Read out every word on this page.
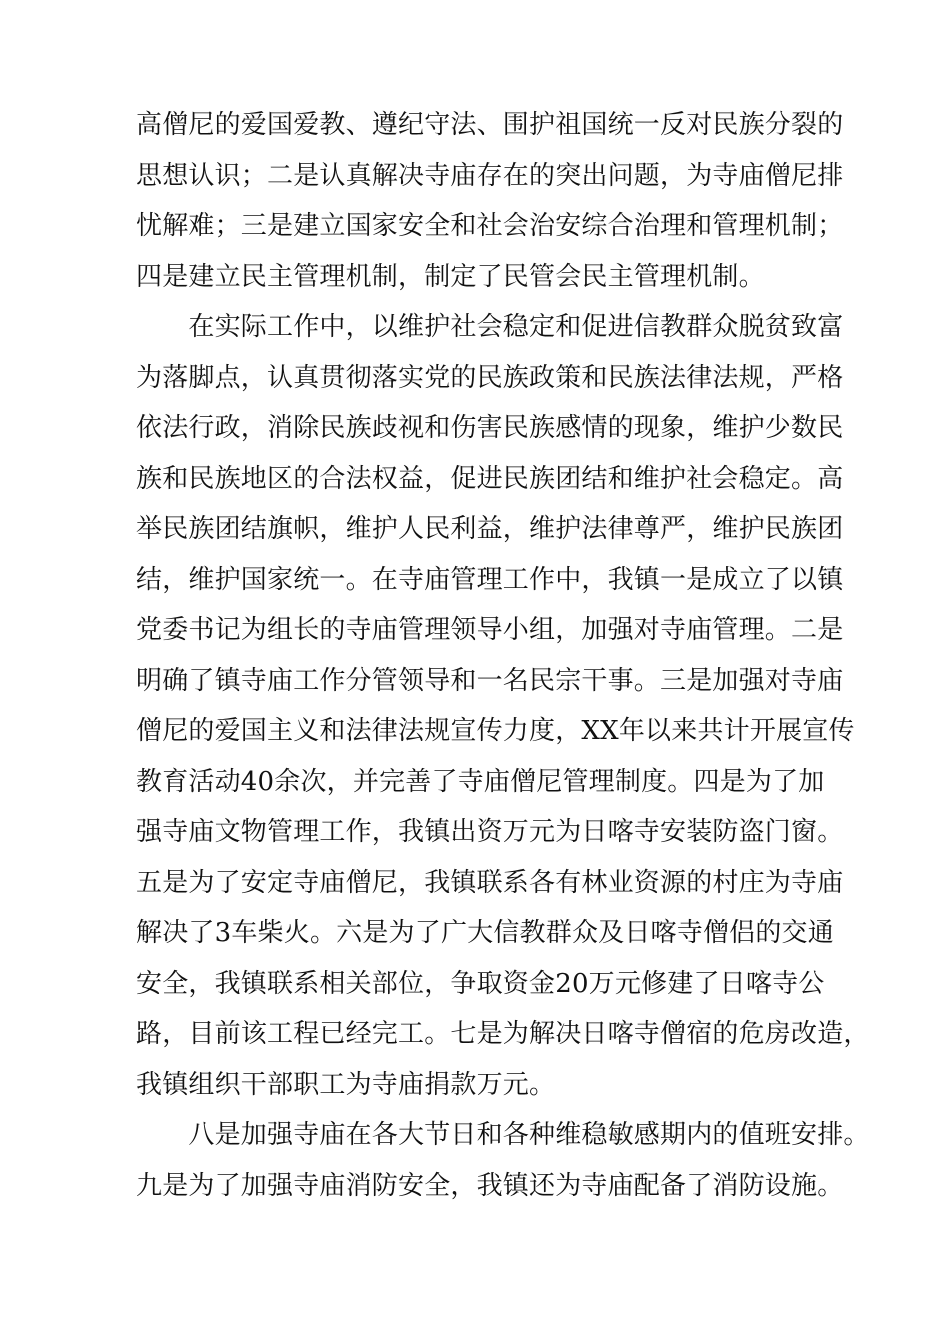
高僧尼的爱国爱教、遵纪守法、围护祖国统一反对民族分裂的
思想认识；二是认真解决寺庙存在的突出问题，为寺庙僧尼排
忧解难；三是建立国家安全和社会治安综合治理和管理机制；
四是建立民主管理机制，制定了民管会民主管理机制。

　　在实际工作中，以维护社会稳定和促进信教群众脱贫致富
为落脚点，认真贯彻落实党的民族政策和民族法律法规，严格
依法行政，消除民族歧视和伤害民族感情的现象，维护少数民
族和民族地区的合法权益，促进民族团结和维护社会稳定。高
举民族团结旗帜，维护人民利益，维护法律尊严，维护民族团
结，维护国家统一。在寺庙管理工作中，我镇一是成立了以镇
党委书记为组长的寺庙管理领导小组，加强对寺庙管理。二是
明确了镇寺庙工作分管领导和一名民宗干事。三是加强对寺庙
僧尼的爱国主义和法律法规宣传力度，XX年以来共计开展宣传
教育活动40余次，并完善了寺庙僧尼管理制度。四是为了加
强寺庙文物管理工作，我镇出资万元为日喀寺安装防盗门窗。
五是为了安定寺庙僧尼，我镇联系各有林业资源的村庄为寺庙
解决了3车柴火。六是为了广大信教群众及日喀寺僧侣的交通
安全，我镇联系相关部位，争取资金20万元修建了日喀寺公
路，目前该工程已经完工。七是为解决日喀寺僧宿的危房改造，
我镇组织干部职工为寺庙捐款万元。

　　八是加强寺庙在各大节日和各种维稳敏感期内的值班安排。
九是为了加强寺庙消防安全，我镇还为寺庙配备了消防设施。
